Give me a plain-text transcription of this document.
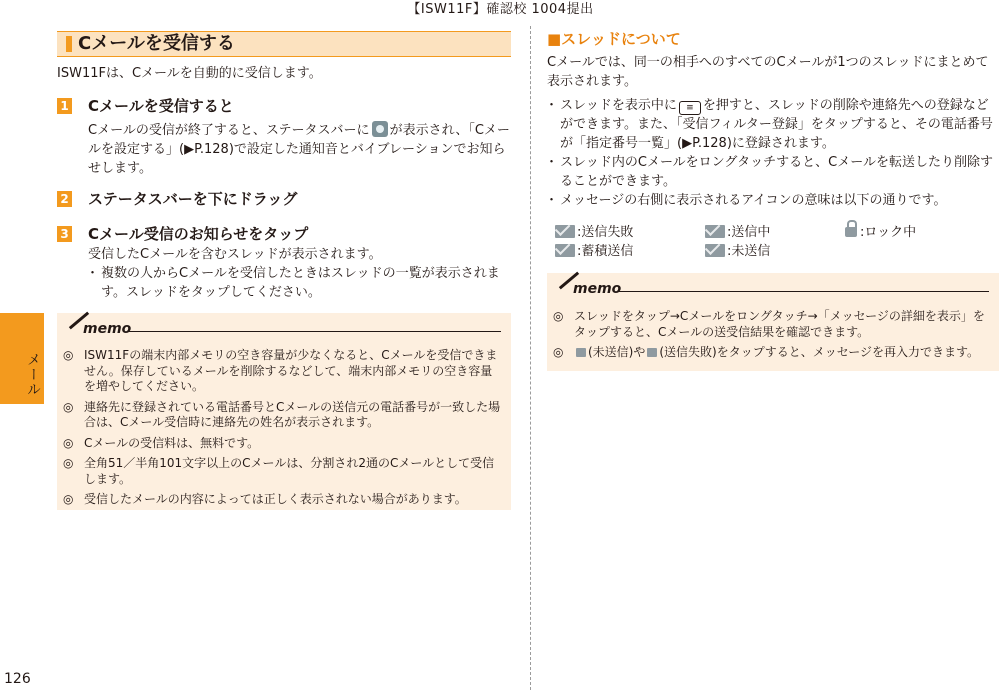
【ISW11F】確認校 1004提出
メール
126
Cメールを受信する
ISW11Fは、Cメールを自動的に受信します。
1 Cメールを受信すると
Cメールの受信が終了すると、ステータスバーに が表示され、「Cメールを設定する」(▶P.128)で設定した通知音とバイブレーションでお知らせします。
2 ステータスバーを下にドラッグ
3 Cメール受信のお知らせをタップ
受信したCメールを含むスレッドが表示されます。
・ 複数の人からCメールを受信したときはスレッドの一覧が表示されます。スレッドをタップしてください。
memo
◎ ISW11Fの端末内部メモリの空き容量が少なくなると、Cメールを受信できません。保存しているメールを削除するなどして、端末内部メモリの空き容量を増やしてください。
◎ 連絡先に登録されている電話番号とCメールの送信元の電話番号が一致した場合は、Cメール受信時に連絡先の姓名が表示されます。
◎ Cメールの受信料は、無料です。
◎ 全角51／半角101文字以上のCメールは、分割され2通のCメールとして受信します。
◎ 受信したメールの内容によっては正しく表示されない場合があります。
■スレッドについて
Cメールでは、同一の相手へのすべてのCメールが1つのスレッドにまとめて表示されます。
・ スレッドを表示中に ≡ を押すと、スレッドの削除や連絡先への登録などができます。また、「受信フィルター登録」をタップすると、その電話番号が「指定番号一覧」(▶P.128)に登録されます。
・ スレッド内のCメールをロングタッチすると、Cメールを転送したり削除することができます。
・ メッセージの右側に表示されるアイコンの意味は以下の通りです。
:送信失敗	:送信中	:ロック中
:蓄積送信	:未送信
memo
◎ スレッドをタップ→Cメールをロングタッチ→「メッセージの詳細を表示」をタップすると、Cメールの送受信結果を確認できます。
◎ (未送信)や (送信失敗)をタップすると、メッセージを再入力できます。
